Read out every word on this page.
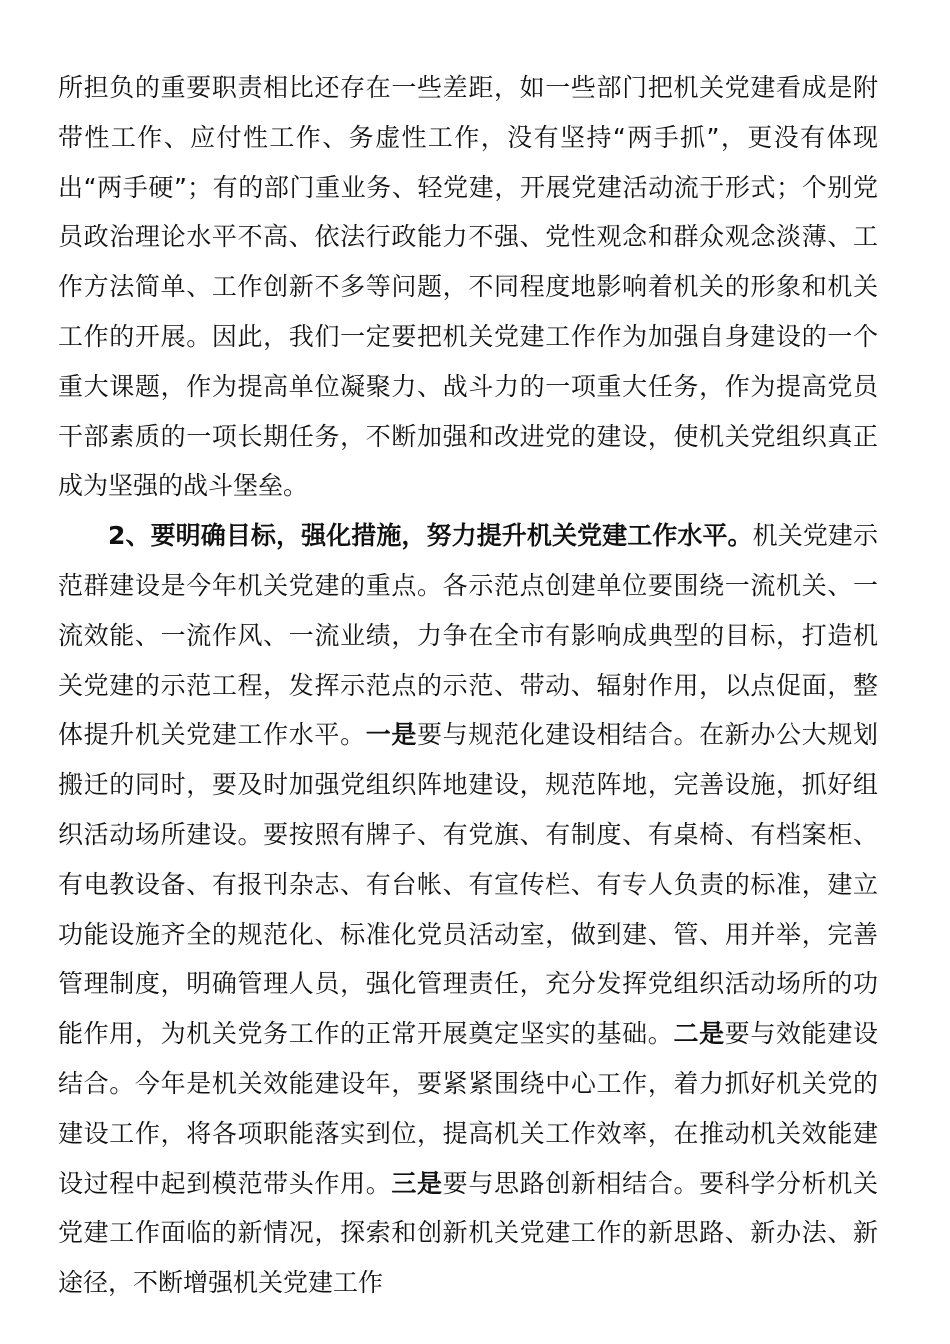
所担负的重要职责相比还存在一些差距，如一些部门把机关党建看成是附带性工作、应付性工作、务虚性工作，没有坚持“两手抓”，更没有体现出“两手硬”；有的部门重业务、轻党建，开展党建活动流于形式；个别党员政治理论水平不高、依法行政能力不强、党性观念和群众观念淡薄、工作方法简单、工作创新不多等问题，不同程度地影响着机关的形象和机关工作的开展。因此，我们一定要把机关党建工作作为加强自身建设的一个重大课题，作为提高单位凝聚力、战斗力的一项重大任务，作为提高党员干部素质的一项长期任务，不断加强和改进党的建设，使机关党组织真正成为坚强的战斗堡垒。

2、要明确目标，强化措施，努力提升机关党建工作水平。机关党建示范群建设是今年机关党建的重点。各示范点创建单位要围绕一流机关、一流效能、一流作风、一流业绩，力争在全市有影响成典型的目标，打造机关党建的示范工程，发挥示范点的示范、带动、辐射作用，以点促面，整体提升机关党建工作水平。一是要与规范化建设相结合。在新办公大规划搬迁的同时，要及时加强党组织阵地建设，规范阵地，完善设施，抓好组织活动场所建设。要按照有牌子、有党旗、有制度、有桌椅、有档案柜、有电教设备、有报刊杂志、有台帐、有宣传栏、有专人负责的标准，建立功能设施齐全的规范化、标准化党员活动室，做到建、管、用并举，完善管理制度，明确管理人员，强化管理责任，充分发挥党组织活动场所的功能作用，为机关党务工作的正常开展奠定坚实的基础。二是要与效能建设结合。今年是机关效能建设年，要紧紧围绕中心工作，着力抓好机关党的建设工作，将各项职能落实到位，提高机关工作效率，在推动机关效能建设过程中起到模范带头作用。三是要与思路创新相结合。要科学分析机关党建工作面临的新情况，探索和创新机关党建工作的新思路、新办法、新途径，不断增强机关党建工作
